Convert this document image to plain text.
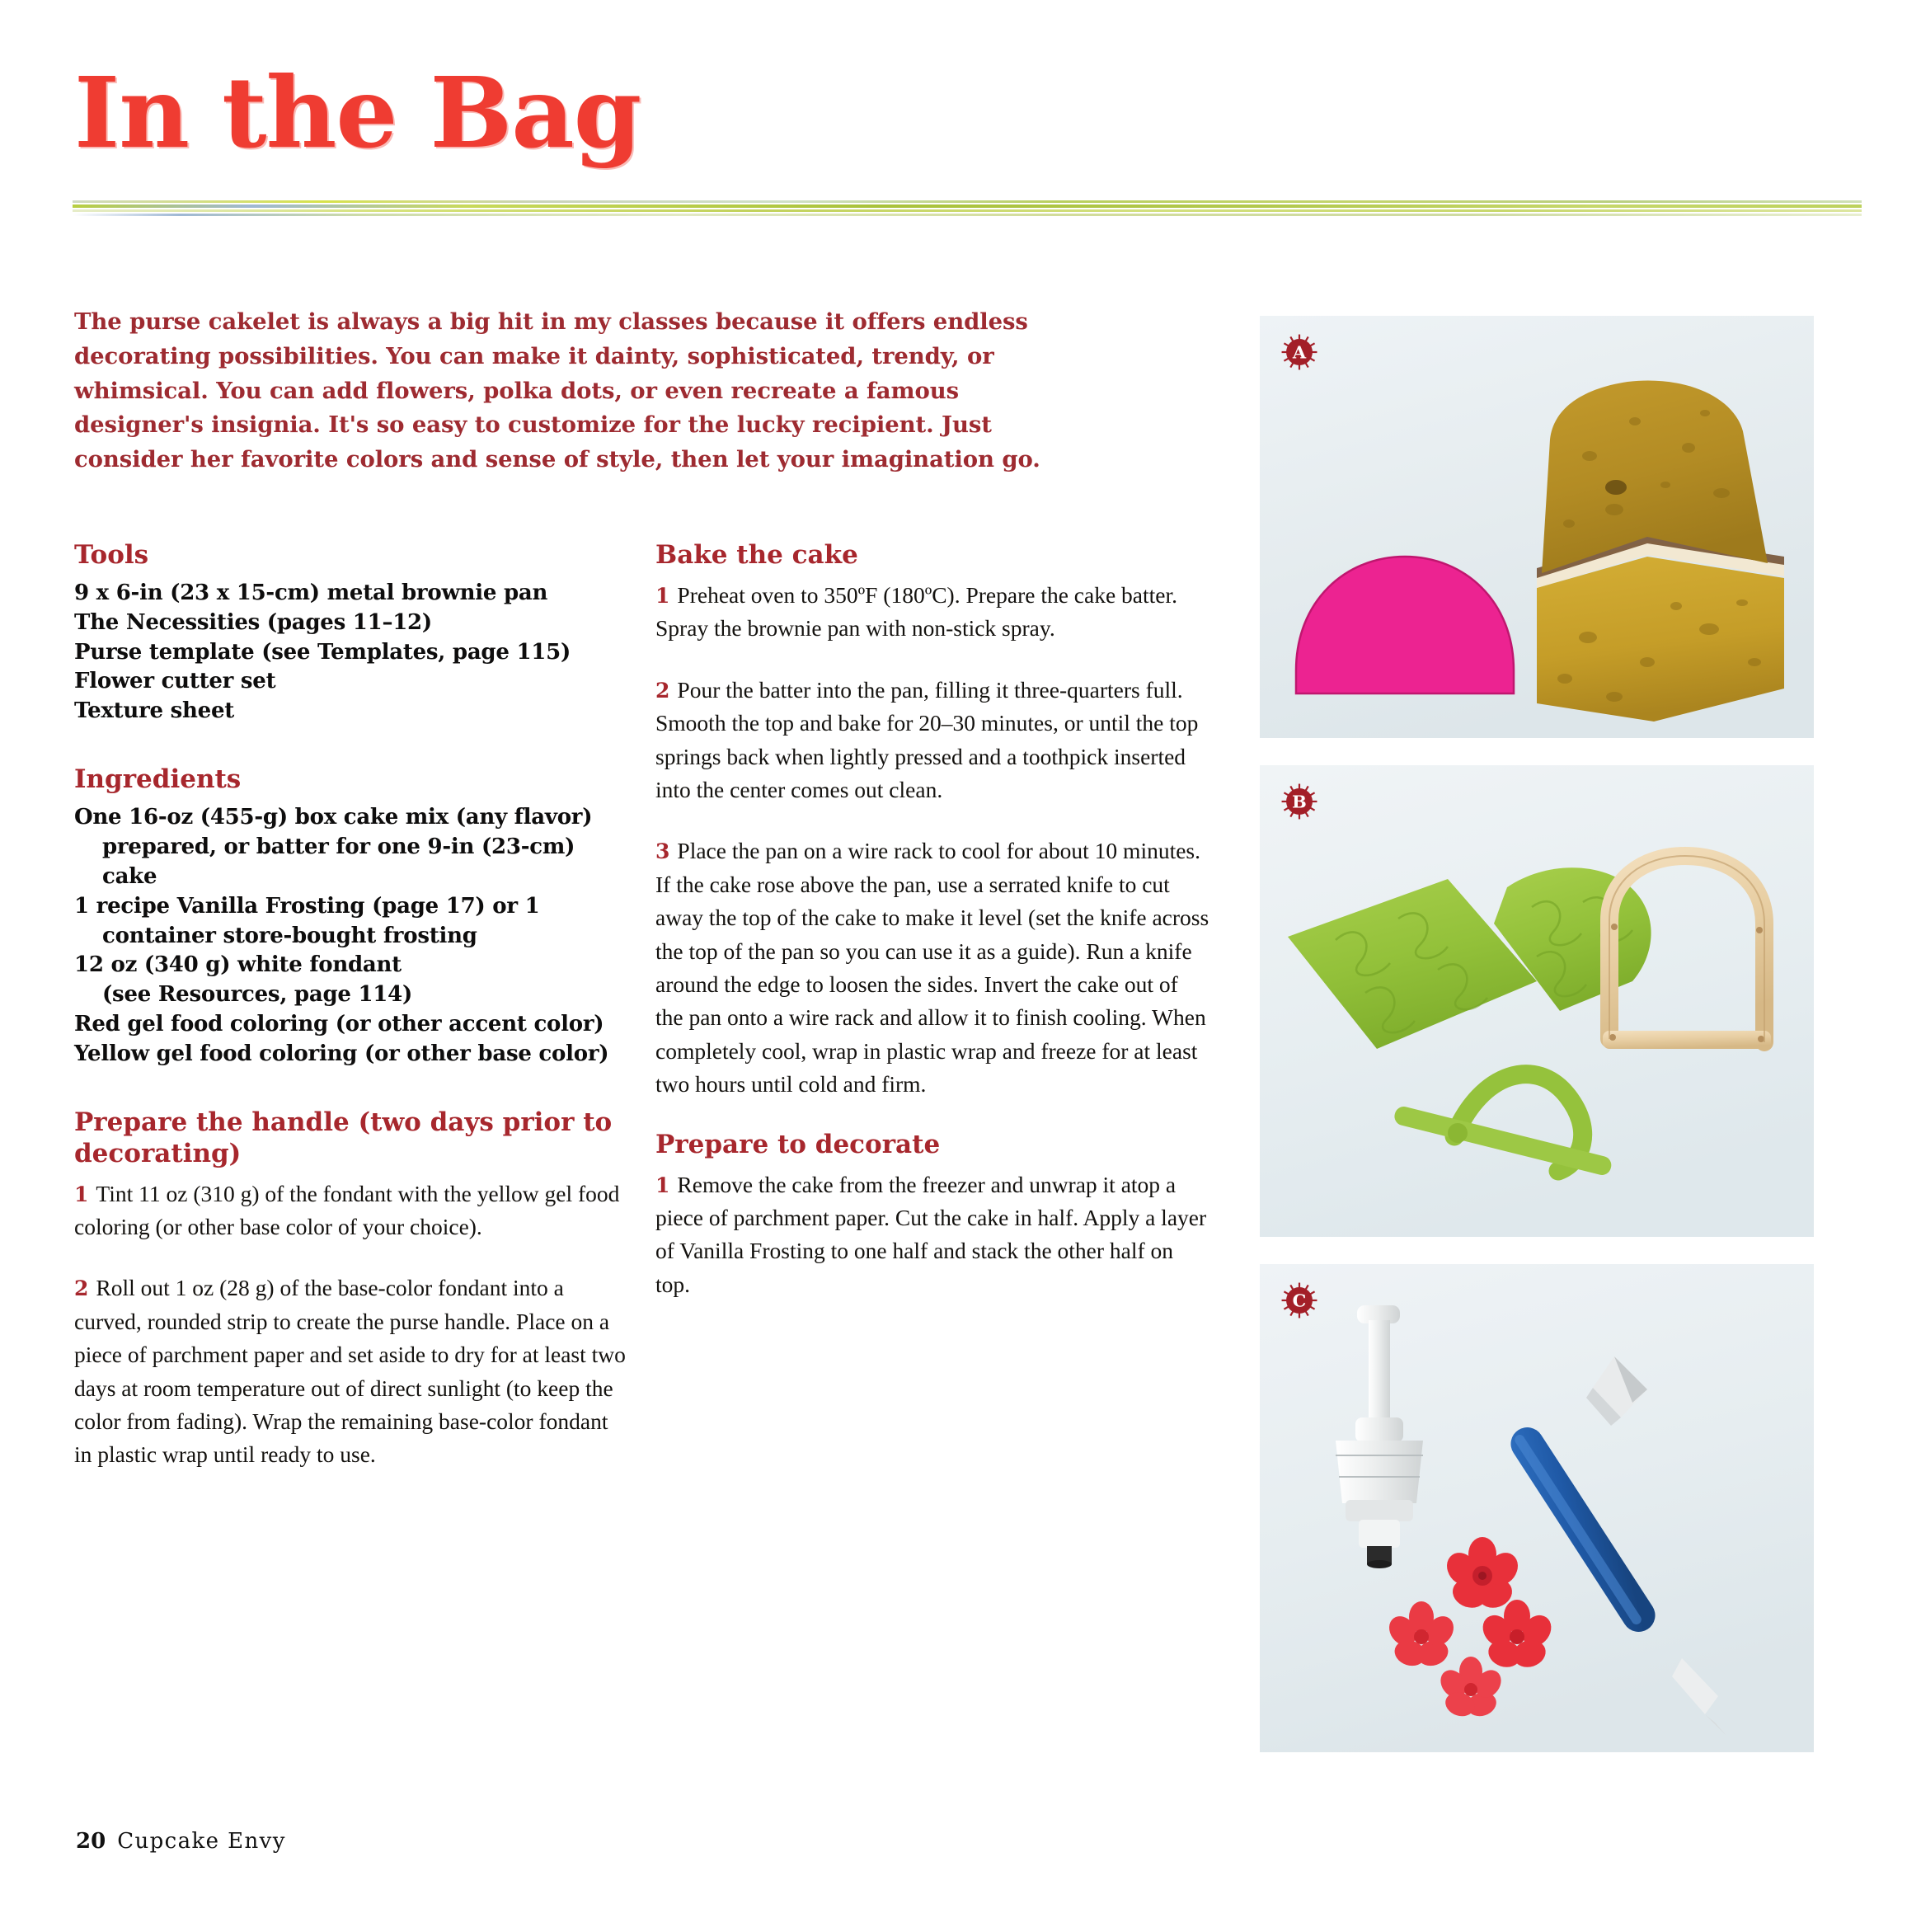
In the Bag
The purse cakelet is always a big hit in my classes because it offers endless decorating possibilities. You can make it dainty, sophisticated, trendy, or whimsical. You can add flowers, polka dots, or even recreate a famous designer's insignia. It's so easy to customize for the lucky recipient. Just consider her favorite colors and sense of style, then let your imagination go.
Tools
9 x 6-in (23 x 15-cm) metal brownie pan
The Necessities (pages 11–12)
Purse template (see Templates, page 115)
Flower cutter set
Texture sheet
Ingredients
One 16-oz (455-g) box cake mix (any flavor)
prepared, or batter for one 9-in (23-cm) cake
1 recipe Vanilla Frosting (page 17) or 1
container store-bought frosting
12 oz (340 g) white fondant
(see Resources, page 114)
Red gel food coloring (or other accent color)
Yellow gel food coloring (or other base color)
Prepare the handle (two days prior to decorating)
1 Tint 11 oz (310 g) of the fondant with the yellow gel food coloring (or other base color of your choice).
2 Roll out 1 oz (28 g) of the base-color fondant into a curved, rounded strip to create the purse handle. Place on a piece of parchment paper and set aside to dry for at least two days at room temperature out of direct sunlight (to keep the color from fading). Wrap the remaining base-color fondant in plastic wrap until ready to use.
Bake the cake
1 Preheat oven to 350ºF (180ºC). Prepare the cake batter. Spray the brownie pan with non-stick spray.
2 Pour the batter into the pan, filling it three-quarters full. Smooth the top and bake for 20–30 minutes, or until the top springs back when lightly pressed and a toothpick inserted into the center comes out clean.
3 Place the pan on a wire rack to cool for about 10 minutes. If the cake rose above the pan, use a serrated knife to cut away the top of the cake to make it level (set the knife across the top of the pan so you can use it as a guide). Run a knife around the edge to loosen the sides. Invert the cake out of the pan onto a wire rack and allow it to finish cooling. When completely cool, wrap in plastic wrap and freeze for at least two hours until cold and firm.
Prepare to decorate
1 Remove the cake from the freezer and unwrap it atop a piece of parchment paper. Cut the cake in half. Apply a layer of Vanilla Frosting to one half and stack the other half on top.
A
B
C
20 Cupcake Envy
